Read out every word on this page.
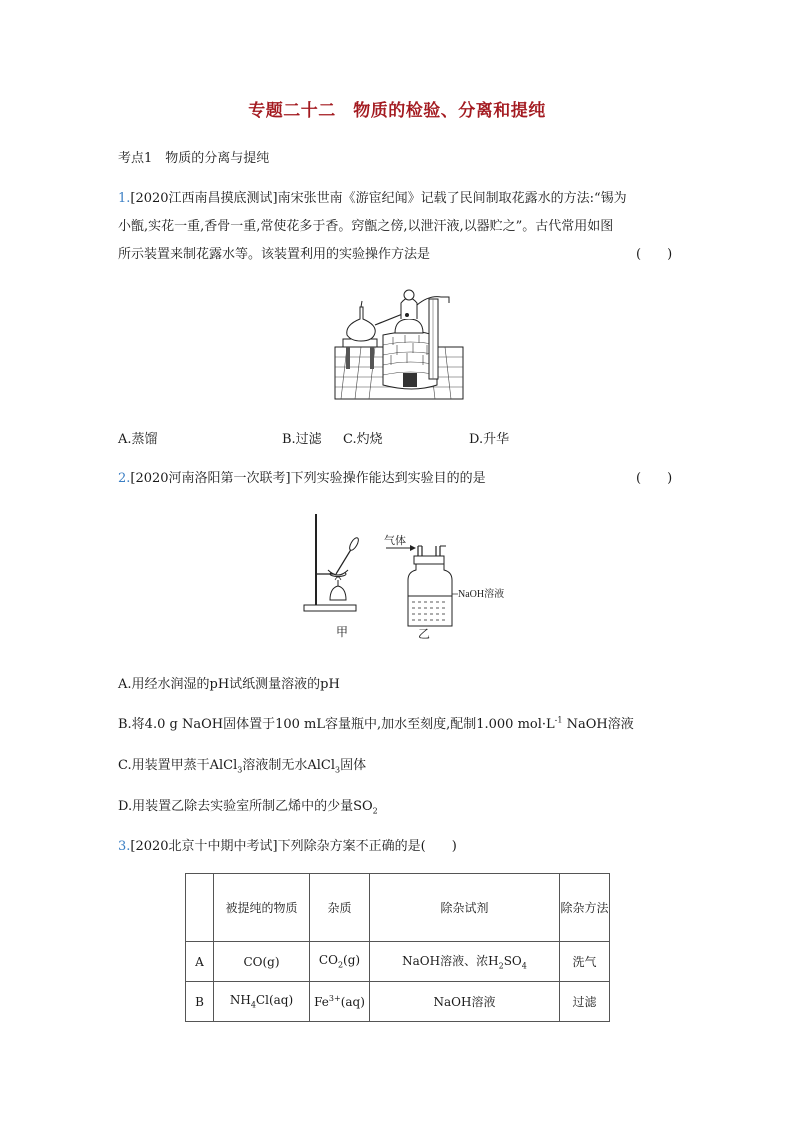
专题二十二　物质的检验、分离和提纯
考点1　物质的分离与提纯
1.[2020江西南昌摸底测试]南宋张世南《游宦纪闻》记载了民间制取花露水的方法:“锡为
小甑,实花一重,香骨一重,常使花多于香。窍甑之傍,以泄汗液,以器贮之”。古代常用如图
所示装置来制花露水等。该装置利用的实验操作方法是	(　　)
A.蒸馏	B.过滤 C.灼烧	D.升华
2.[2020河南洛阳第一次联考]下列实验操作能达到实验目的的是	(　　)
甲
气体
NaOH溶液
乙
A.用经水润湿的pH试纸测量溶液的pH
B.将4.0 g NaOH固体置于100 mL容量瓶中,加水至刻度,配制1.000 $mol\cdot L^{-1}$ NaOH溶液
C.用装置甲蒸干AlCl$_3$溶液制无水AlCl$_3$固体
D.用装置乙除去实验室所制乙烯中的少量$SO_2$
3.[2020北京十中期中考试]下列除杂方案不正确的是(　　)
	被提纯的物质	杂质	除杂试剂	除杂方法
A	CO(g)	$CO_2(g)$	NaOH溶液、浓$H_2SO_4$	洗气
B	$NH_4Cl(aq)$	$Fe^{3+}(aq)$	NaOH溶液	过滤
